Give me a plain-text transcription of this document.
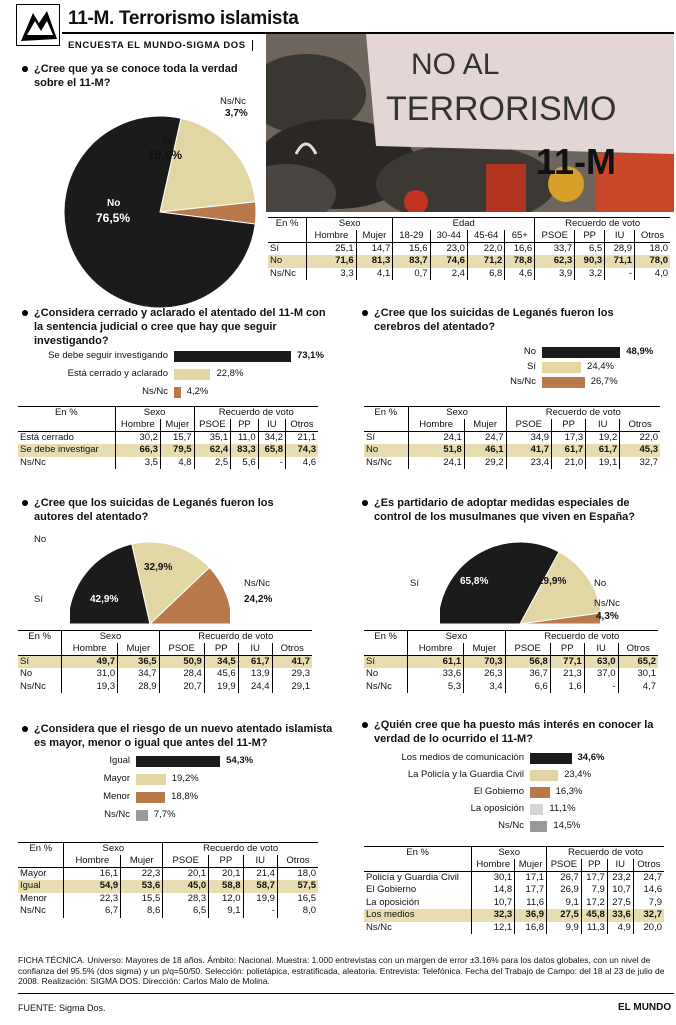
11-M. Terrorismo islamista
ENCUESTA EL MUNDO-SIGMA DOS
¿Cree que ya se conoce toda la verdad sobre el 11-M?
Ns/Nc
3,7%
Sí
19,8%
No
76,5%
NO AL
TERRORISMO
11-M
En %	Sexo		Edad				Recuerdo de voto			
	Hombre	Mujer	18-29	30-44	45-64	65+	PSOE	PP	IU	Otros
Sí	25,1	14,7	15,6	23,0	22,0	16,6	33,7	6,5	28,9	18,0
No	71,6	81,3	83,7	74,6	71,2	78,8	62,3	90,3	71,1	78,0
Ns/Nc	3,3	4,1	0,7	2,4	6,8	4,6	3,9	3,2	-	4,0
¿Considera cerrado y aclarado el atentado del 11-M con la sentencia judicial o cree que hay que seguir investigando?
Se debe seguir investigando	73,1%
Está cerrado y aclarado	22,8%
Ns/Nc 4,2%
En %	Sexo		Recuerdo de voto			
	Hombre	Mujer	PSOE	PP	IU	Otros
Está cerrado	30,2	15,7	35,1	11,0	34,2	21,1
Se debe investigar	66,3	79,5	62,4	83,3	65,8	74,3
Ns/Nc	3,5	4,8	2,5	5,6	-	4,6
¿Cree que los suicidas de Leganés fueron los cerebros del atentado?
No	48,9%
Sí	24,4%
Ns/Nc	26,7%
En %	Sexo		Recuerdo de voto			
	Hombre	Mujer	PSOE	PP	IU	Otros
Sí	24,1	24,7	34,9	17,3	19,2	22,0
No	51,8	46,1	41,7	61,7	61,7	45,3
Ns/Nc	24,1	29,2	23,4	21,0	19,1	32,7
¿Cree que los suicidas de Leganés fueron los autores del atentado?
No
Sí
Ns/Nc
42,9%
32,9%
24,2%
En %	Sexo		Recuerdo de voto			
	Hombre	Mujer	PSOE	PP	IU	Otros
Sí	49,7	36,5	50,9	34,5	61,7	41,7
No	31,0	34,7	28,4	45,6	13,9	29,3
Ns/Nc	19,3	28,9	20,7	19,9	24,4	29,1
¿Es partidario de adoptar medidas especiales de control de los musulmanes que viven en España?
Sí	No
Ns/Nc
65,8%	29,9%
4,3%
En %	Sexo		Recuerdo de voto			
	Hombre	Mujer	PSOE	PP	IU	Otros
Sí	61,1	70,3	56,8	77,1	63,0	65,2
No	33,6	26,3	36,7	21,3	37,0	30,1
Ns/Nc	5,3	3,4	6,6	1,6	-	4,7
¿Considera que el riesgo de un nuevo atentado islamista es mayor, menor o igual que antes del 11-M?
Igual	54,3%
Mayor	19,2%
Menor	18,8%
Ns/Nc	7,7%
En %	Sexo		Recuerdo de voto			
	Hombre	Mujer	PSOE	PP	IU	Otros
Mayor	16,1	22,3	20,1	20,1	21,4	18,0
Igual	54,9	53,6	45,0	58,8	58,7	57,5
Menor	22,3	15,5	28,3	12,0	19,9	16,5
Ns/Nc	6,7	8,6	6,5	9,1	-	8,0
¿Quién cree que ha puesto más interés en conocer la verdad de lo ocurrido el 11-M?
Los medios de comunicación	34,6%
La Policía y la Guardia Civil	23,4%
El Gobierno	16,3%
La oposición	11,1%
Ns/Nc	14,5%
En %	Sexo		Recuerdo de voto			
	Hombre	Mujer	PSOE	PP	IU	Otros
Policía y Guardia Civil	30,1	17,1	26,7	17,7	23,2	24,7
El Gobierno	14,8	17,7	26,9	7,9	10,7	14,6
La oposición	10,7	11,6	9,1	17,2	27,5	7,9
Los medios	32,3	36,9	27,5	45,8	33,6	32,7
Ns/Nc	12,1	16,8	9,9	11,3	4,9	20,0
FICHA TÉCNICA. Universo: Mayores de 18 años. Ámbito: Nacional. Muestra: 1.000 entrevistas con un margen de error ±3.16% para los datos globales, con un nivel de confianza del 95.5% (dos sigma) y un p/q=50/50. Selección: polietápica, estratificada, aleatoria. Entrevista: Telefónica. Fecha del Trabajo de Campo: del 18 al 23 de julio de 2008. Realización: SIGMA DOS. Dirección: Carlos Malo de Molina.
FUENTE: Sigma Dos.	EL MUNDO
